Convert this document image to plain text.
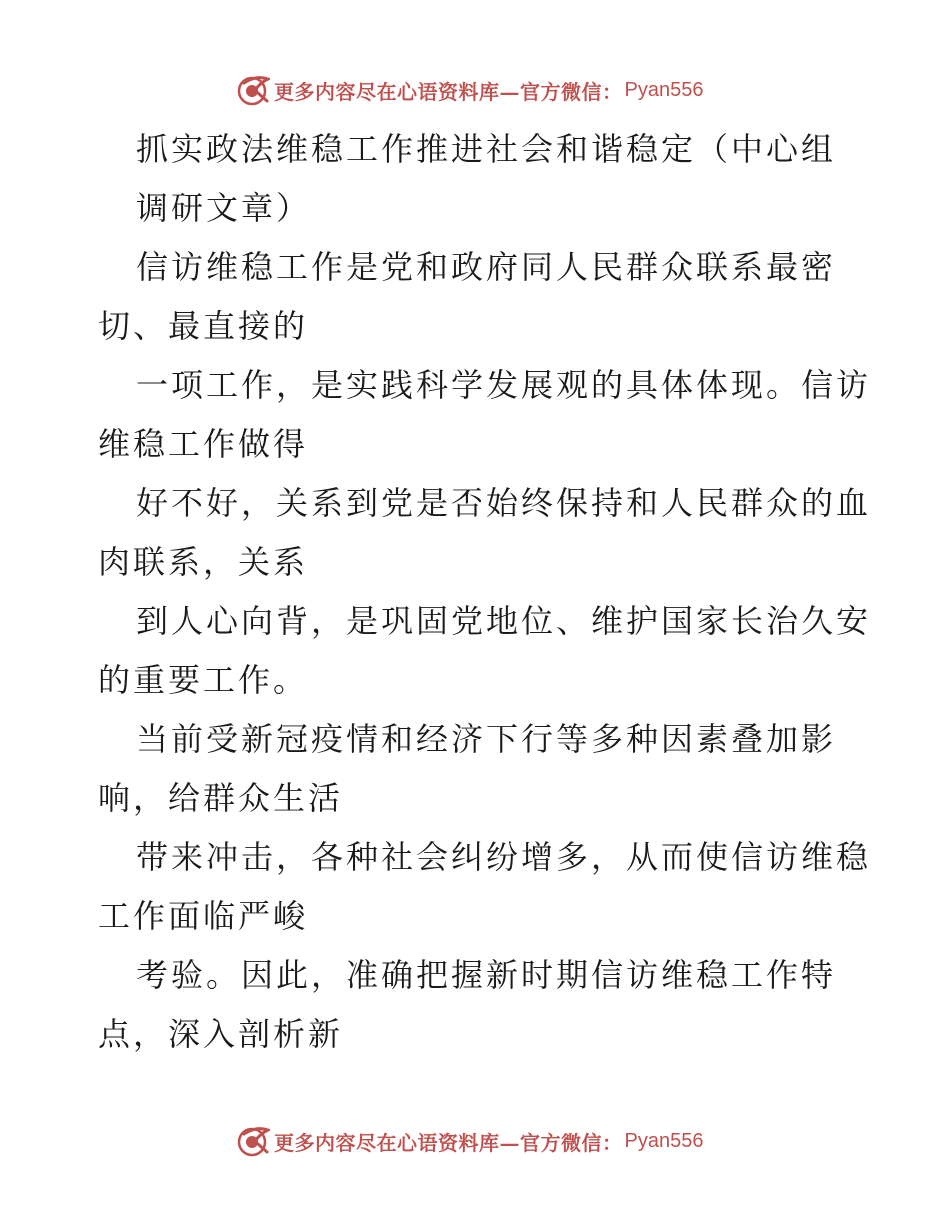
更多内容尽在心语资料库—官方微信： Pyan556
抓实政法维稳工作推进社会和谐稳定（中心组
调研文章）
信访维稳工作是党和政府同人民群众联系最密
切、最直接的
一项工作，是实践科学发展观的具体体现。信访
维稳工作做得
好不好，关系到党是否始终保持和人民群众的血
肉联系，关系
到人心向背，是巩固党地位、维护国家长治久安
的重要工作。
当前受新冠疫情和经济下行等多种因素叠加影
响，给群众生活
带来冲击，各种社会纠纷增多，从而使信访维稳
工作面临严峻
考验。因此，准确把握新时期信访维稳工作特
点，深入剖析新
更多内容尽在心语资料库—官方微信： Pyan556
